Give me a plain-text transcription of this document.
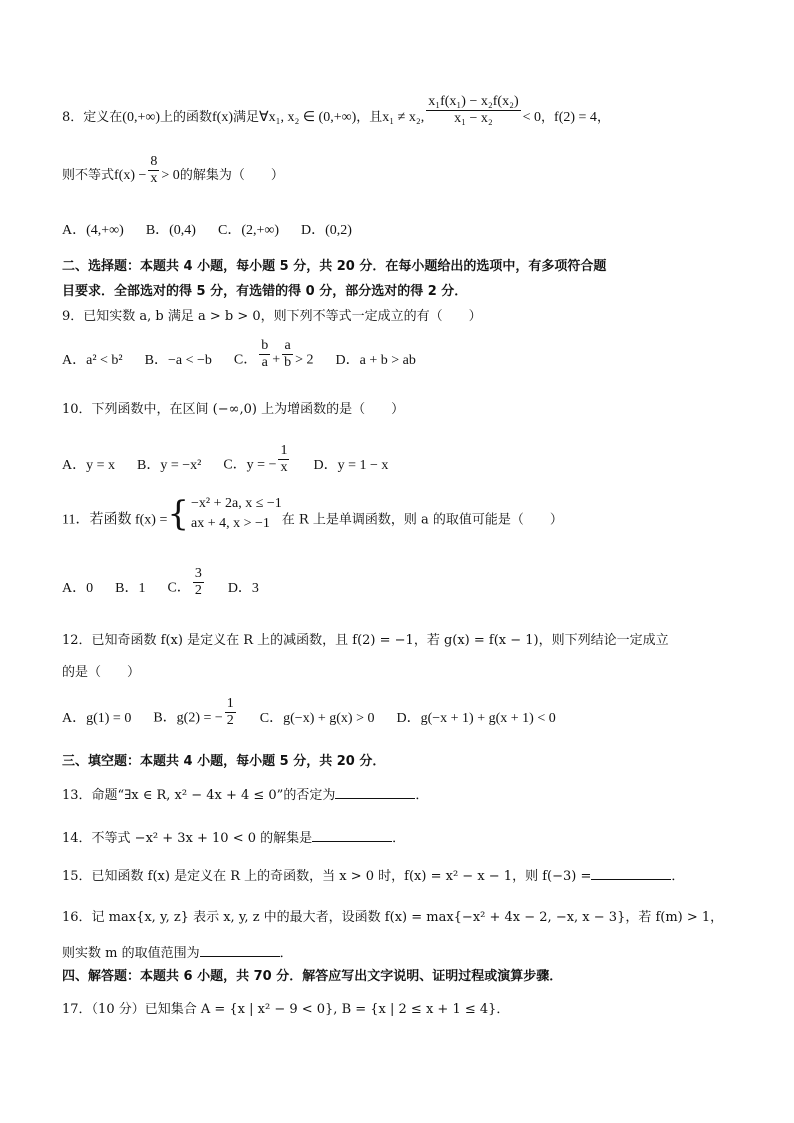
8．定义在(0,+∞)上的函数f(x)满足∀x₁, x₂ ∈ (0,+∞)，且x₁ ≠ x₂, $\frac{\text{x₁f(x₁) − x₂f(x₂)}}{\text{x₁ − x₂}} < 0$，f(2) = 4，
则不等式$f(x) - \frac{8}{x} > 0$的解集为（　　）
A．(4,+∞) B．(0,4) C．(2,+∞) D．(0,2)
二、选择题：本题共 4 小题，每小题 5 分，共 20 分．在每小题给出的选项中，有多项符合题
目要求．全部选对的得 5 分，有选错的得 0 分，部分选对的得 2 分．
9．已知实数 a, b 满足 a > b > 0，则下列不等式一定成立的有（　　）
A．a² < b² B．−a < −b C． $\frac{b}{a} + \frac{a}{b} > 2$ D．a + b > ab
10．下列函数中，在区间 (−∞,0) 上为增函数的是（　　）
A．y = x B．y = −x² C．y = − $\frac{1}{x}$ D．y = 1 − x
11．若函数 f(x) = { −x² + 2a, x ≤ −1
ax + 4, x > −1 在 R 上是单调函数，则 a 的取值可能是（　　）
A．0 B．1 C． $\frac{3}{2}$ D．3
12．已知奇函数 f(x) 是定义在 R 上的减函数，且 f(2) = −1，若 g(x) = f(x − 1)，则下列结论一定成立
的是（　　）
A．g(1) = 0 B．g(2) = − $\frac{1}{2}$ C．g(−x) + g(x) > 0 D．g(−x + 1) + g(x + 1) < 0
三、填空题：本题共 4 小题，每小题 5 分，共 20 分．
13．命题“∃x ∈ R, x² − 4x + 4 ≤ 0”的否定为	．
14．不等式 −x² + 3x + 10 < 0 的解集是	．
15．已知函数 f(x) 是定义在 R 上的奇函数，当 x > 0 时，f(x) = x² − x − 1，则 f(−3) =	．
16．记 max{x, y, z} 表示 x, y, z 中的最大者，设函数 f(x) = max{−x² + 4x − 2, −x, x − 3}，若 f(m) > 1，
则实数 m 的取值范围为	．
四、解答题：本题共 6 小题，共 70 分．解答应写出文字说明、证明过程或演算步骤．
17．（10 分）已知集合 A = {x | x² − 9 < 0}, B = {x | 2 ≤ x + 1 ≤ 4}．
